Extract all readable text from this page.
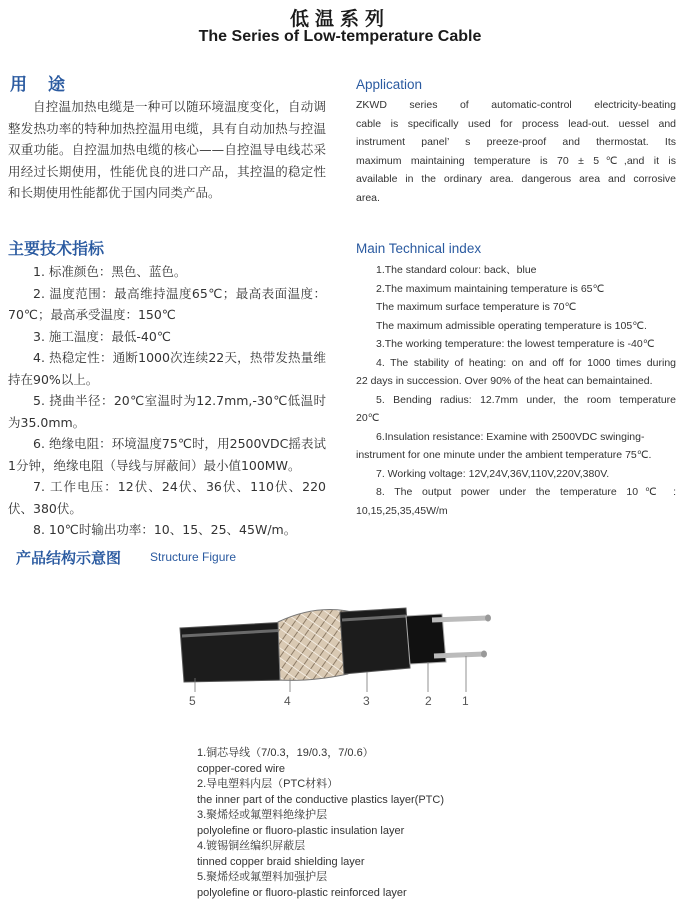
低温系列
The Series of Low-temperature Cable
用　途

自控温加热电缆是一种可以随环境温度变化，自动调整发热功率的特种加热控温用电缆，具有自动加热与控温双重功能。自控温加热电缆的核心——自控温导电线芯采用经过长期使用，性能优良的进口产品，其控温的稳定性和长期使用性能都优于国内同类产品。

Application
ZKWD series of automatic-control electricity-beating
cable is specifically used for process lead-out. uessel and
instrument panel’ s preeze-proof and thermostat. Its
maximum maintaining temperature is 70 ± 5℃,and it is
available in the ordinary area. dangerous area and corrosive
area.
主要技术指标

1. 标准颜色：黑色、蓝色。

2. 温度范围：最高维持温度65℃；最高表面温度：70℃；最高承受温度：150℃

3. 施工温度：最低-40℃

4. 热稳定性：通断1000次连续22天，热带发热量维持在90%以上。

5. 挠曲半径：20℃室温时为12.7mm,-30℃低温时为35.0mm。

6. 绝缘电阻：环境温度75℃时，用2500VDC摇表试1分钟，绝缘电阻（导线与屏蔽间）最小值100MW。

7. 工作电压：12伏、24伏、36伏、110伏、220伏、380伏。

8. 10℃时输出功率：10、15、25、45W/m。

Main Technical index
1.The standard colour: back、blue
2.The maximum maintaining temperature is 65℃
The maximum surface temperature is 70℃
The maximum admissible operating temperature is 105℃.
3.The working temperature: the lowest temperature is -40℃
4. The stability of heating: on and off for 1000 times during
22 days in succession. Over 90% of the heat can bemaintained.
5. Bending radius: 12.7mm under, the room temperature
20℃
6.Insulation resistance: Examine with 2500VDC swinging-
instrument for one minute under the ambient temperature 75℃.
7. Working voltage: 12V,24V,36V,110V,220V,380V.
8. The output power under the temperature 10℃ :
10,15,25,35,45W/m
产品结构示意图 Structure Figure
5	4	3	2	1
1.铜芯导线（7/0.3，19/0.3，7/0.6）
copper-cored wire
2.导电塑料内层（PTC材料）
the inner part of the conductive plastics layer(PTC)
3.聚烯烃或氟塑料绝缘护层
polyolefine or fluoro-plastic insulation layer
4.镀锡铜丝编织屏蔽层
tinned copper braid shielding layer
5.聚烯烃或氟塑料加强护层
polyolefine or fluoro-plastic reinforced layer
